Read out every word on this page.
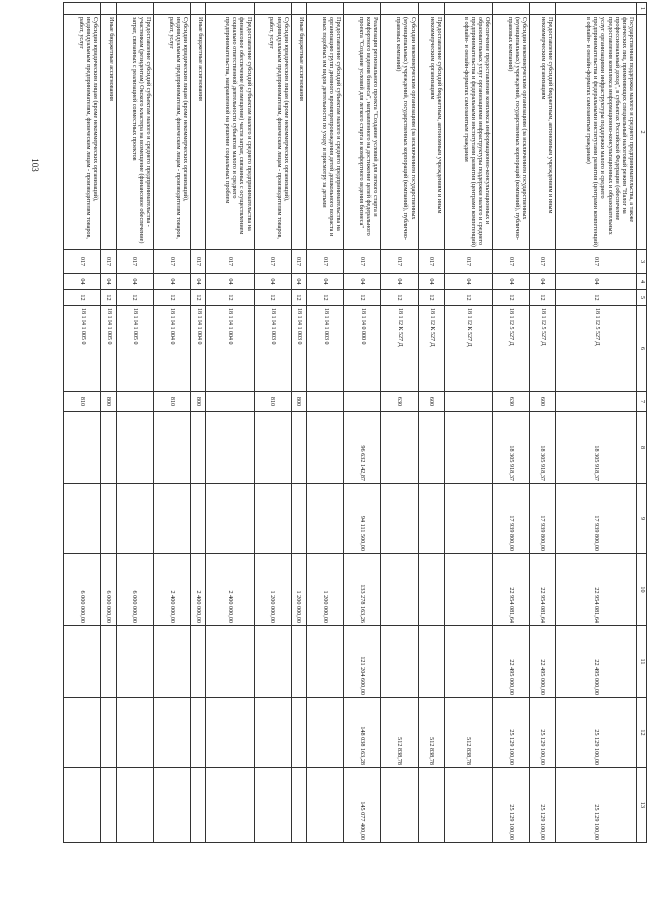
103
1	2	3	4	5	6	7	8	9	10	11	12	13
	Государственная поддержка малого и среднего предпринимательства, а также физических лиц, применяющих специальный налоговый режим "Налог на профессиональный доход", в субъектах Российской Федерации (обеспечение предоставления комплекса информационно-консультационных и образовательных услуг организациями инфраструктуры поддержки малого и среднего предпринимательства и федеральными институтами развития (центрами компетенций) в офлайн- и онлайн-форматах самозанятым гражданам)	017	04	12	18 1 I2 5 527 Д		18 305 918,37	17 939 800,00	22 954 081,64	22 495 000,00	25 129 100,00	25 129 100,00
	Предоставление субсидий бюджетным, автономным учреждениям и иным некоммерческим организациям	017	04	12	18 1 I2 5 527 Д	600	18 305 918,37	17 939 800,00	22 954 081,64	22 495 000,00	25 129 100,00	25 129 100,00
	Субсидии некоммерческим организациям (за исключением государственных (муниципальных) учреждений, государственных корпораций (компаний), публично-правовых компаний)	017	04	12	18 1 I2 5 527 Д	630	18 305 918,37	17 939 800,00	22 954 081,64	22 495 000,00	25 129 100,00	25 129 100,00
	Обеспечение предоставления комплекса информационно-консультационных и образовательных услуг организациями инфраструктуры поддержки малого и среднего предпринимательства и федеральными институтами развития (центрами компетенций) в офлайн- и онлайн-форматах самозанятым гражданам	017	04	12	18 1 I2 К 527 Д						512 838,78	
	Предоставление субсидий бюджетным, автономным учреждениям и иным некоммерческим организациям	017	04	12	18 1 I2 К 527 Д	600					512 838,78	
	Субсидии некоммерческим организациям (за исключением государственных (муниципальных) учреждений, государственных корпораций (компаний), публично-правовых компаний)	017	04	12	18 1 I2 К 527 Д	630					512 838,78	
	Реализация регионального проекта "Создание условий для легкого старта и комфортного ведения бизнеса", направленного на достижение целей федерального проекта "Создание условий для легкого старта и комфортного ведения бизнеса"	017	04	12	18 1 I4 0 000 0		96 632 142,87	94 111 500,00	133 278 163,26	121 204 600,00	148 038 163,28	145 077 400,00
	Предоставление субсидий субъектам малого и среднего предпринимательства на организацию групп дневного времяпрепровождения детей дошкольного возраста и иных подобных им видов деятельности по уходу и присмотру за детьми	017	04	12	18 1 I4 1 003 0				1 200 000,00			
	Иные бюджетные ассигнования	017	04	12	18 1 I4 1 003 0	800			1 200 000,00			
	Субсидии юридическим лицам (кроме некоммерческих организаций), индивидуальным предпринимателям, физическим лицам - производителям товаров, работ, услуг	017	04	12	18 1 I4 1 003 0	810			1 200 000,00			
	Предоставление субсидий субъектам малого и среднего предпринимательства на финансовое обеспечение (возмещение) части затрат, связанных с осуществлением социально ответственной деятельности субъектов малого и среднего предпринимательства, направленной на решение социальных проблем	017	04	12	18 1 I4 1 004 0				2 400 000,00			
	Иные бюджетные ассигнования	017	04	12	18 1 I4 1 004 0	800			2 400 000,00			
	Субсидии юридическим лицам (кроме некоммерческих организаций), индивидуальным предпринимателям, физическим лицам - производителям товаров, работ, услуг	017	04	12	18 1 I4 1 004 0	810			2 400 000,00			
	Предоставление субсидий субъектам малого и среднего предпринимательства - участникам (резидентам) Окского кластера на возмещение (финансовое обеспечение) затрат, связанных с реализацией совместных проектов	017	04	12	18 1 I4 1 005 0				6 000 000,00			
	Иные бюджетные ассигнования	017	04	12	18 1 I4 1 005 0	800			6 000 000,00			
	Субсидии юридическим лицам (кроме некоммерческих организаций), индивидуальным предпринимателям, физическим лицам - производителям товаров, работ, услуг	017	04	12	18 1 I4 1 005 0	810			6 000 000,00			
